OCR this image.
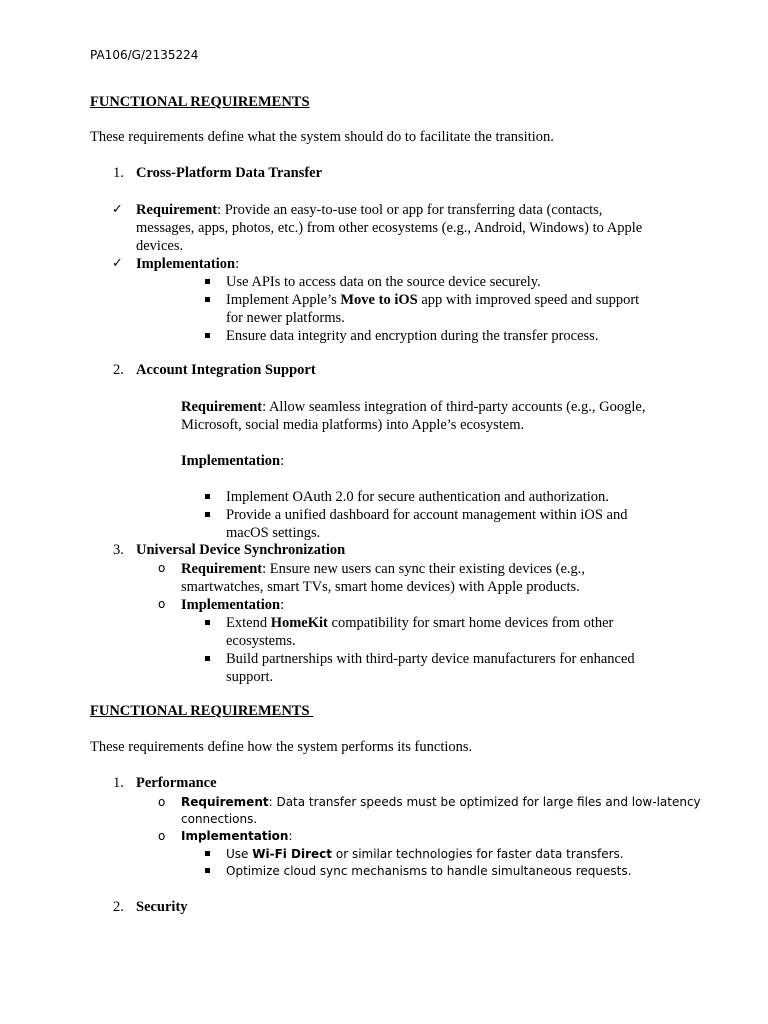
PA106/G/2135224
FUNCTIONAL REQUIREMENTS
These requirements define what the system should do to facilitate the transition.
1. Cross-Platform Data Transfer
✓ Requirement: Provide an easy-to-use tool or app for transferring data (contacts,
messages, apps, photos, etc.) from other ecosystems (e.g., Android, Windows) to Apple
devices.
✓ Implementation:
Use APIs to access data on the source device securely.
Implement Apple’s Move to iOS app with improved speed and support
for newer platforms.
Ensure data integrity and encryption during the transfer process.
2. Account Integration Support
Requirement: Allow seamless integration of third-party accounts (e.g., Google,
Microsoft, social media platforms) into Apple’s ecosystem.
Implementation:
Implement OAuth 2.0 for secure authentication and authorization.
Provide a unified dashboard for account management within iOS and
macOS settings.
3. Universal Device Synchronization
o Requirement: Ensure new users can sync their existing devices (e.g.,
smartwatches, smart TVs, smart home devices) with Apple products.
o Implementation:
Extend HomeKit compatibility for smart home devices from other
ecosystems.
Build partnerships with third-party device manufacturers for enhanced
support.
FUNCTIONAL REQUIREMENTS
These requirements define how the system performs its functions.
1. Performance
o Requirement: Data transfer speeds must be optimized for large files and low-latency
connections.
o Implementation:
Use Wi-Fi Direct or similar technologies for faster data transfers.
Optimize cloud sync mechanisms to handle simultaneous requests.
2. Security
